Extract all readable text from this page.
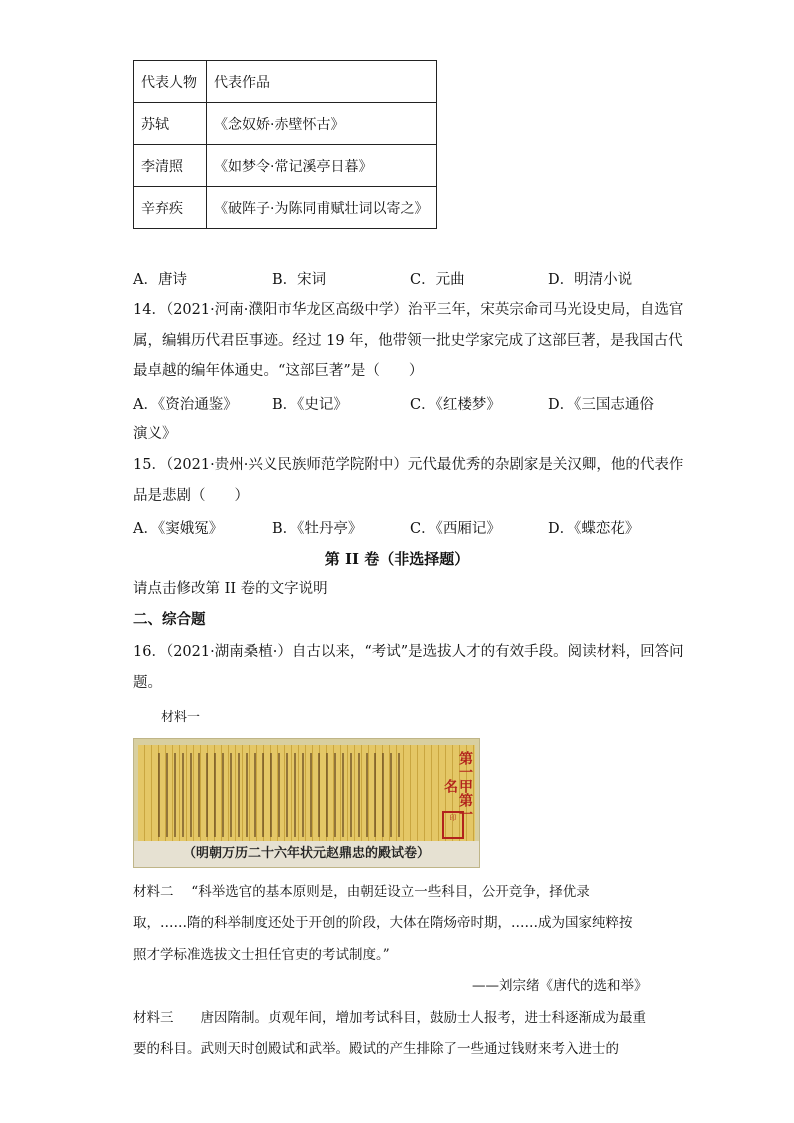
代表人物	代表作品
苏轼	《念奴娇·赤壁怀古》
李清照	《如梦令·常记溪亭日暮》
辛弃疾	《破阵子·为陈同甫赋壮词以寄之》
A．唐诗	B．宋词	C．元曲	D．明清小说
14．（2021·河南·濮阳市华龙区高级中学）治平三年，宋英宗命司马光设史局，自选官
属，编辑历代君臣事迹。经过 19 年，他带领一批史学家完成了这部巨著，是我国古代
最卓越的编年体通史。“这部巨著”是（　　）
A．《资治通鉴》 B．《史记》	C．《红楼梦》	D．《三国志通俗
演义》
15．（2021·贵州·兴义民族师范学院附中）元代最优秀的杂剧家是关汉卿，他的代表作
品是悲剧（　　）
A．《窦娥冤》	B．《牡丹亭》	C．《西厢记》	D．《蝶恋花》
第 II 卷（非选择题）
请点击修改第 II 卷的文字说明
二、综合题
16．（2021·湖南桑植·）自古以来，“考试”是选拔人才的有效手段。阅读材料，回答问
题。
材料一
第一甲第一名
印
（明朝万历二十六年状元赵鼎忠的殿试卷）
材料二　 “科举选官的基本原则是，由朝廷设立一些科目，公开竞争，择优录
取，……隋的科举制度还处于开创的阶段，大体在隋炀帝时期，……成为国家纯粹按
照才学标准选拔文士担任官吏的考试制度。”
——刘宗绪《唐代的选和举》
材料三　　唐因隋制。贞观年间，增加考试科目，鼓励士人报考，进士科逐渐成为最重
要的科目。武则天时创殿试和武举。殿试的产生排除了一些通过钱财来考入进士的
